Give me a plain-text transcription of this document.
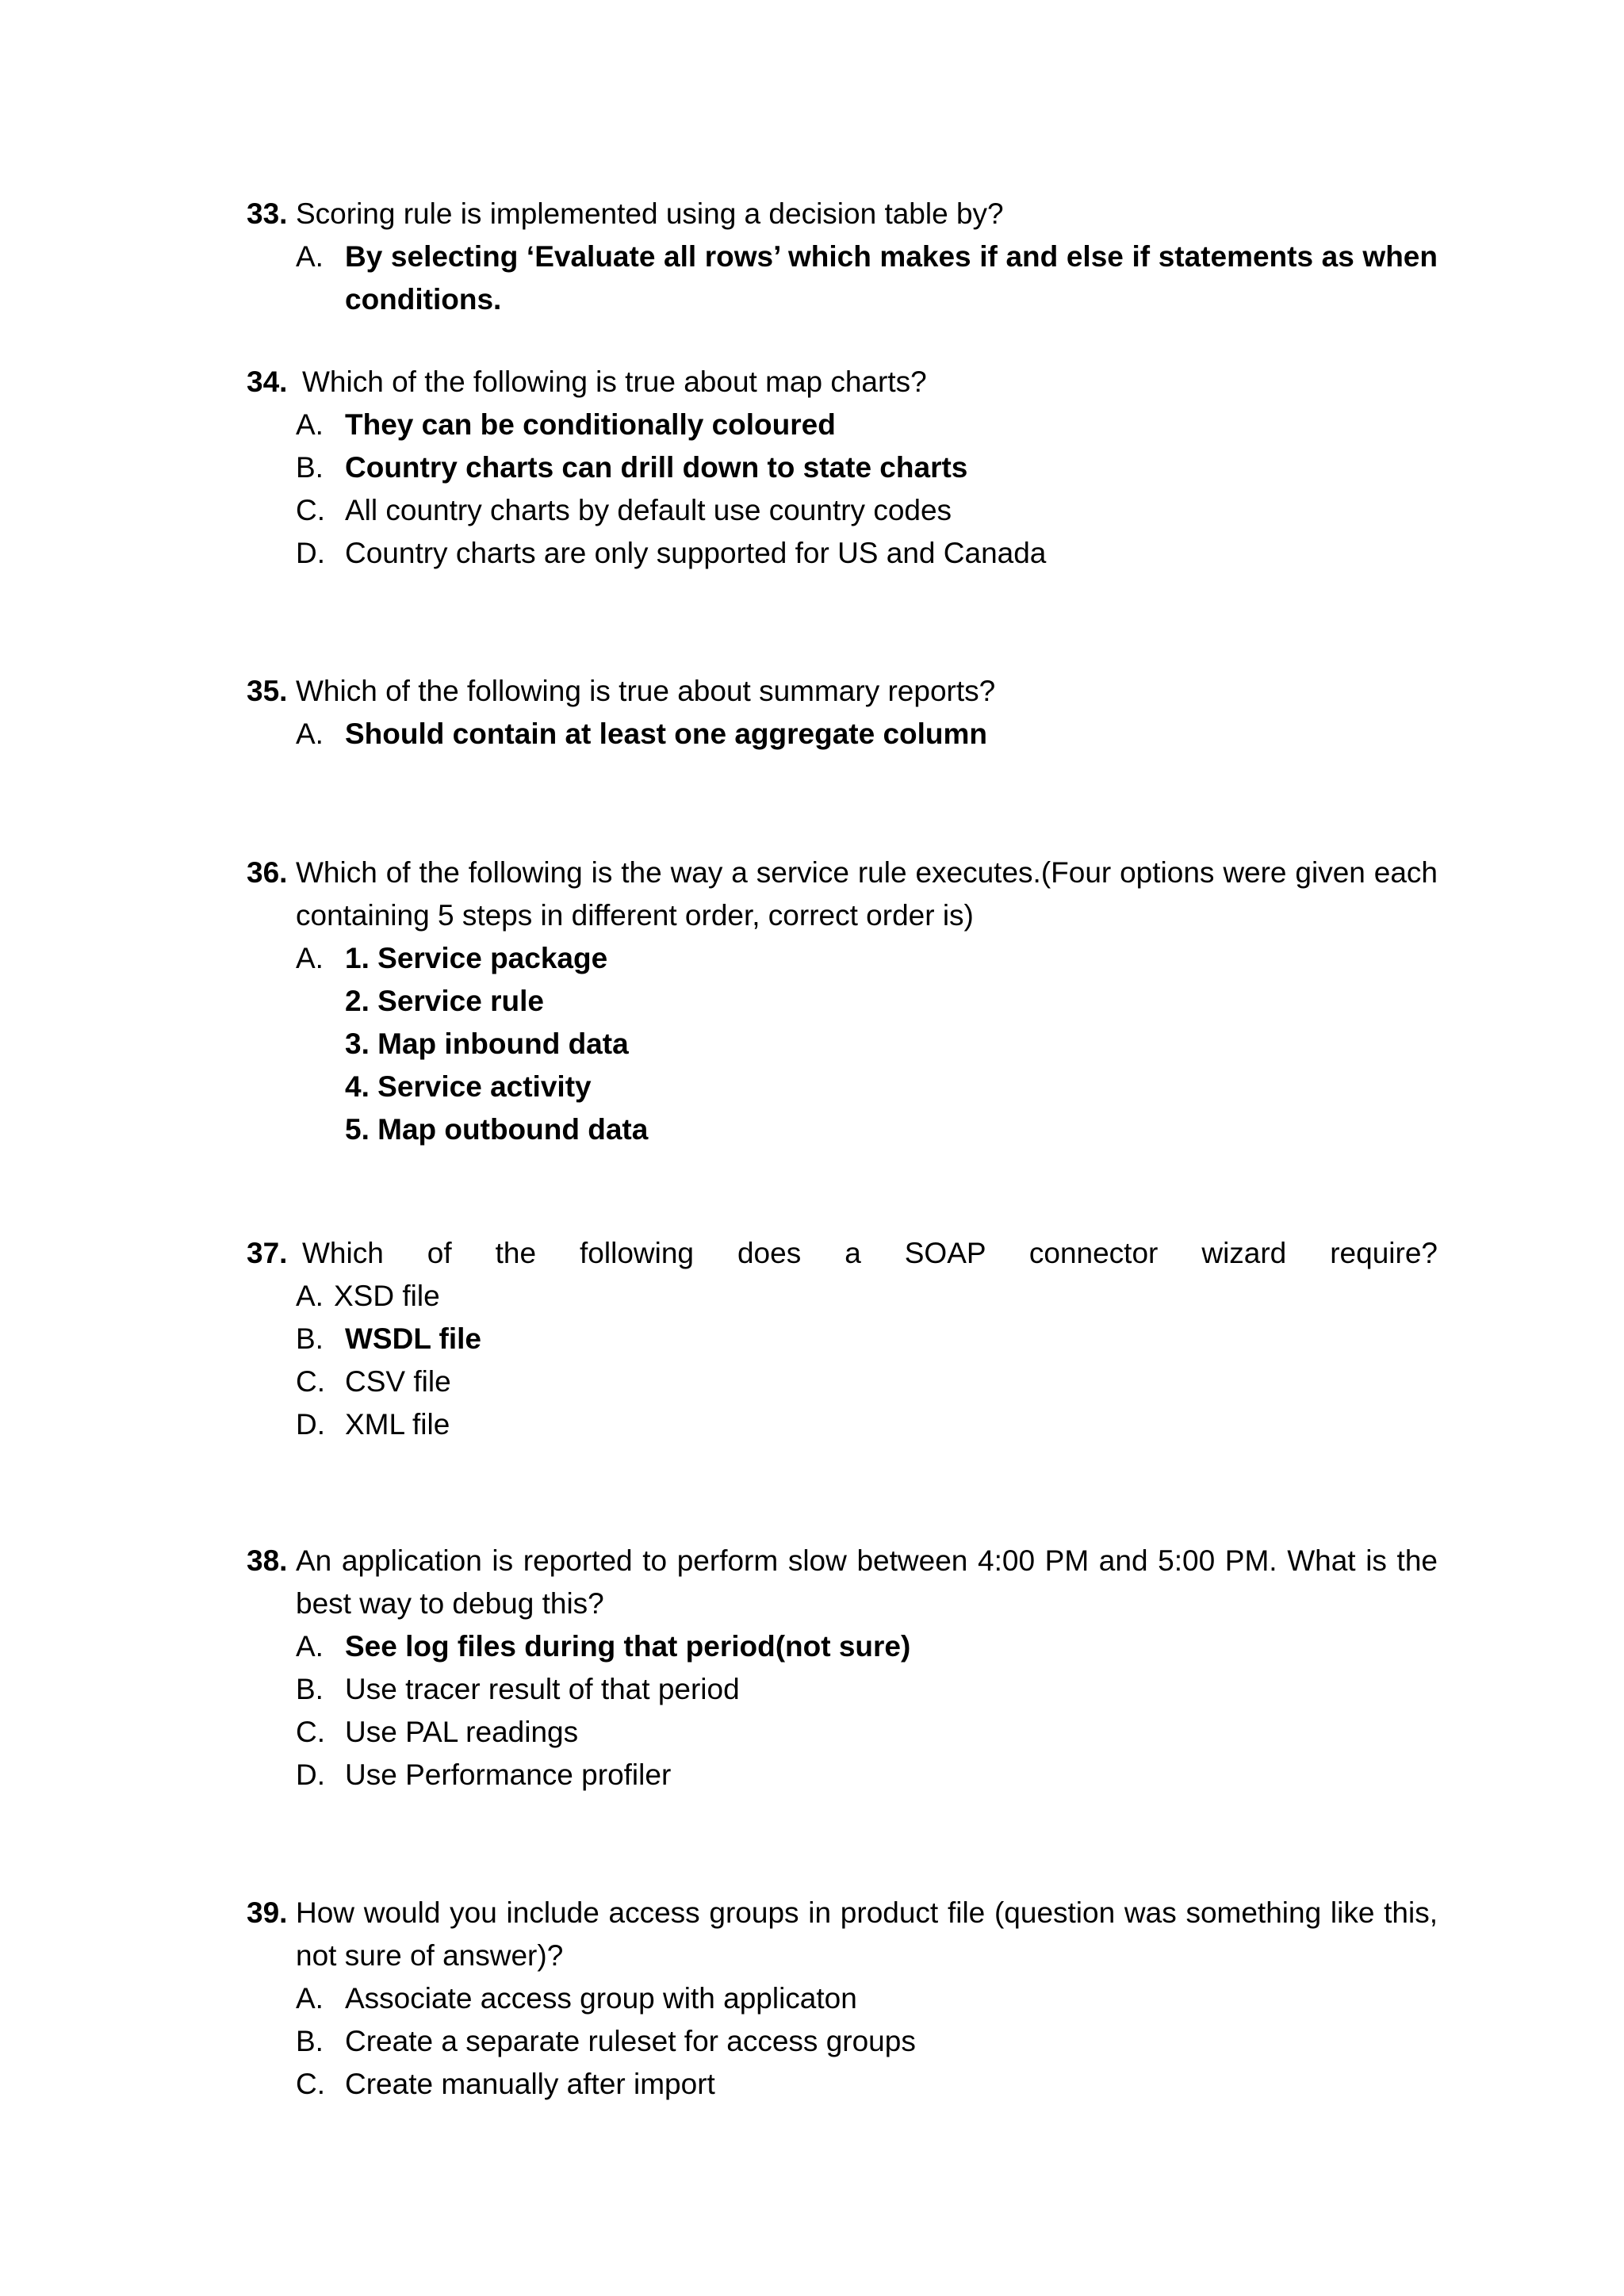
33. Scoring rule is implemented using a decision table by?
A. By selecting ‘Evaluate all rows’ which makes if and else if statements as when conditions.
34. Which of the following is true about map charts?
A. They can be conditionally coloured
B. Country charts can drill down to state charts
C. All country charts by default use country codes
D. Country charts are only supported for US and Canada
35. Which of the following is true about summary reports?
A. Should contain at least one aggregate column
36. Which of the following is the way a service rule executes.(Four options were given each containing 5 steps in different order, correct order is)
A. 1. Service package
2. Service rule
3. Map inbound data
4. Service activity
5. Map outbound data
37. Which of the following does a SOAP connector wizard require?
A. XSD file
B. WSDL file
C. CSV file
D. XML file
38. An application is reported to perform slow between 4:00 PM and 5:00 PM. What is the best way to debug this?
A. See log files during that period(not sure)
B. Use tracer result of that period
C. Use PAL readings
D. Use Performance profiler
39. How would you include access groups in product file (question was something like this, not sure of answer)?
A. Associate access group with applicaton
B. Create a separate ruleset for access groups
C. Create manually after import
